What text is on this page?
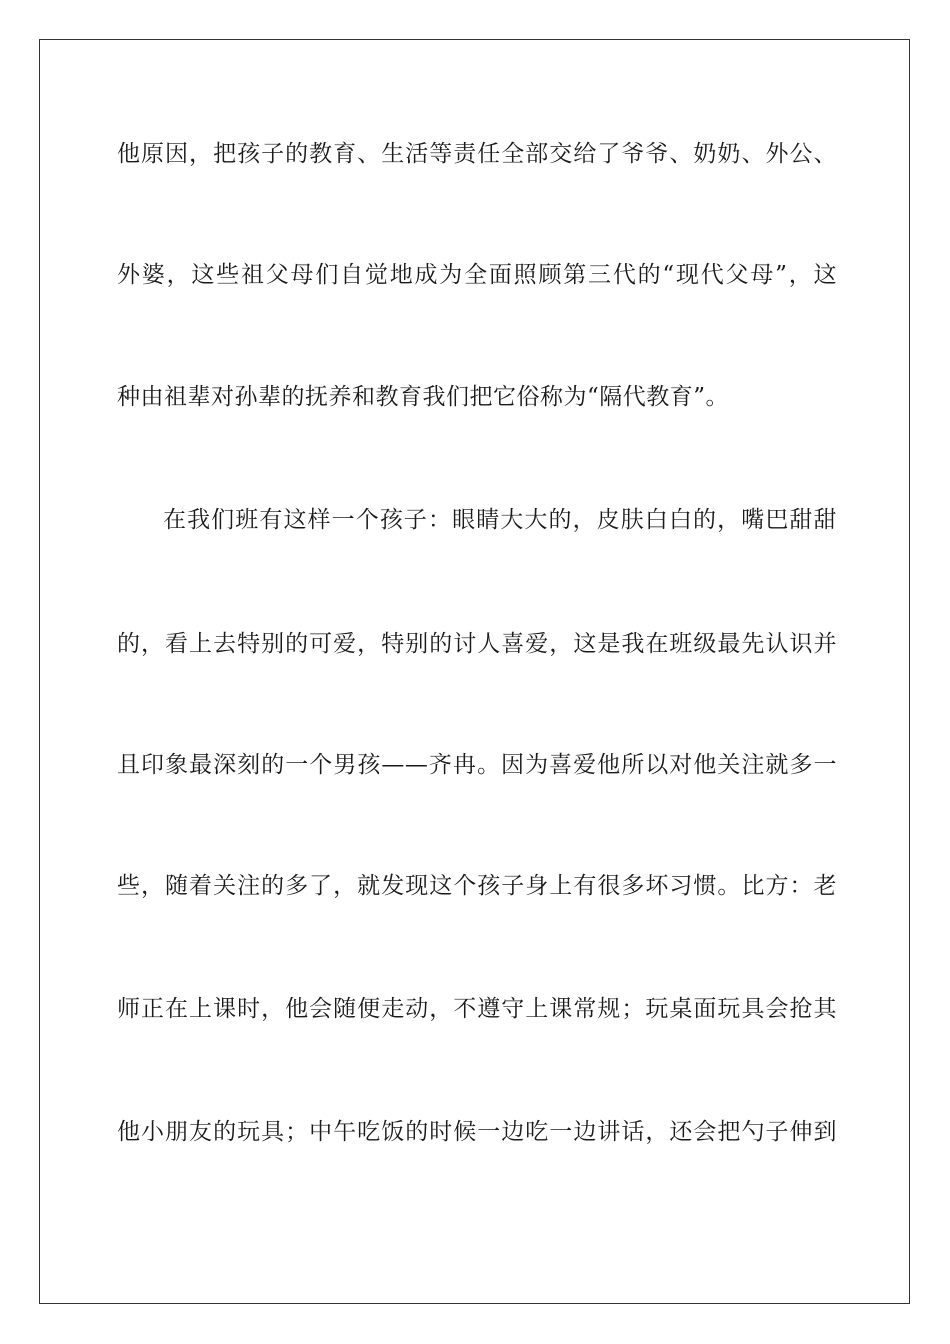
他原因，把孩子的教育、生活等责任全部交给了爷爷、奶奶、外公、
外婆，这些祖父母们自觉地成为全面照顾第三代的“现代父母”，这
种由祖辈对孙辈的抚养和教育我们把它俗称为“隔代教育”。
在我们班有这样一个孩子：眼睛大大的，皮肤白白的，嘴巴甜甜
的，看上去特别的可爱，特别的讨人喜爱，这是我在班级最先认识并
且印象最深刻的一个男孩——齐冉。因为喜爱他所以对他关注就多一
些，随着关注的多了，就发现这个孩子身上有很多坏习惯。比方：老
师正在上课时，他会随便走动，不遵守上课常规；玩桌面玩具会抢其
他小朋友的玩具；中午吃饭的时候一边吃一边讲话，还会把勺子伸到
